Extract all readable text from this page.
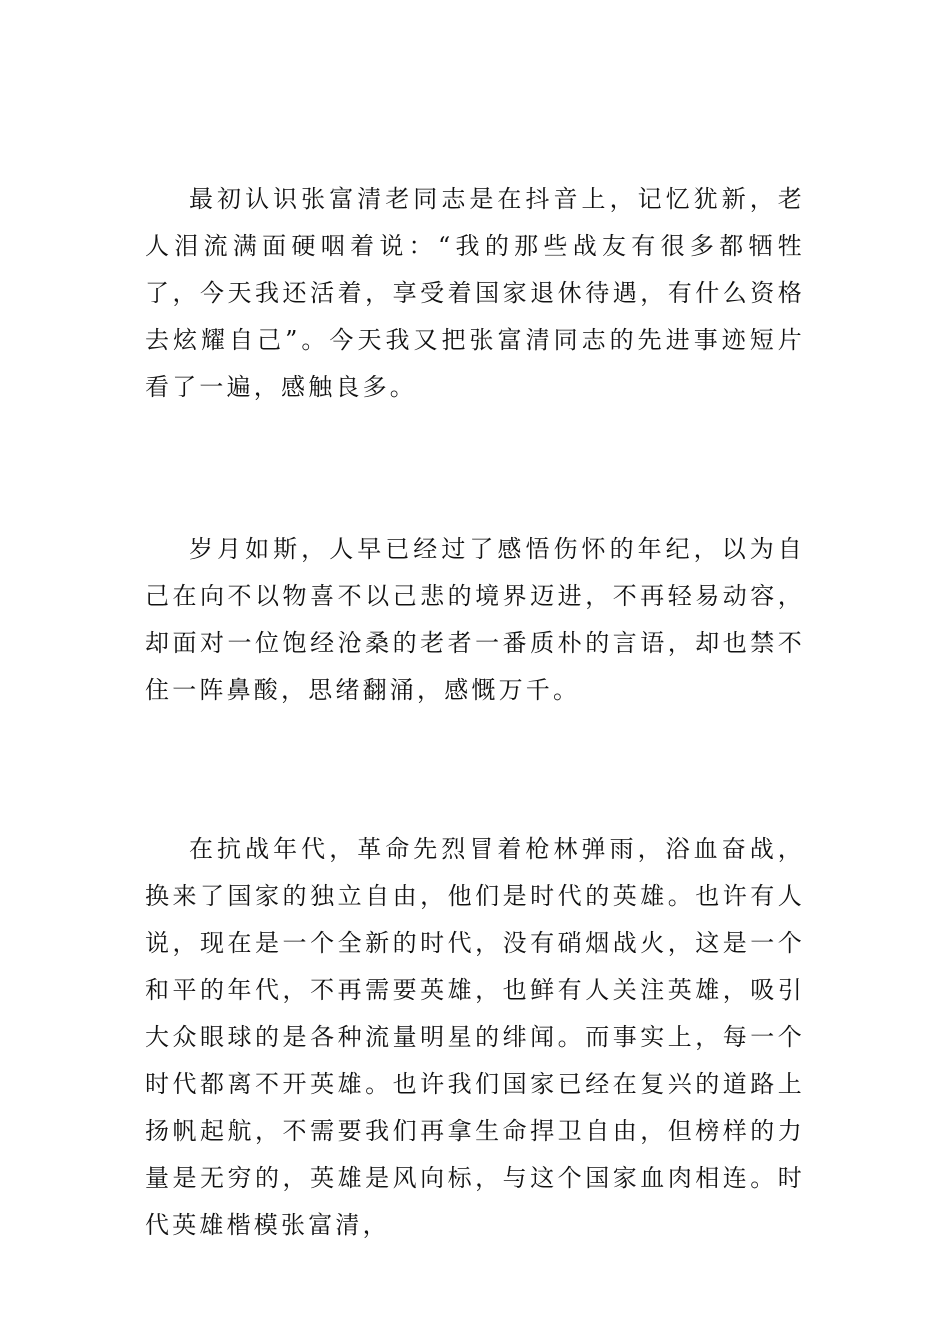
最初认识张富清老同志是在抖音上，记忆犹新，老人泪流满面硬咽着说：“我的那些战友有很多都牺牲了，今天我还活着，享受着国家退休待遇，有什么资格去炫耀自己”。今天我又把张富清同志的先进事迹短片看了一遍，感触良多。

岁月如斯，人早已经过了感悟伤怀的年纪，以为自己在向不以物喜不以己悲的境界迈进，不再轻易动容，却面对一位饱经沧桑的老者一番质朴的言语，却也禁不住一阵鼻酸，思绪翻涌，感慨万千。

在抗战年代，革命先烈冒着枪林弹雨，浴血奋战，换来了国家的独立自由，他们是时代的英雄。也许有人说，现在是一个全新的时代，没有硝烟战火，这是一个和平的年代，不再需要英雄，也鲜有人关注英雄，吸引大众眼球的是各种流量明星的绯闻。而事实上，每一个时代都离不开英雄。也许我们国家已经在复兴的道路上扬帆起航，不需要我们再拿生命捍卫自由，但榜样的力量是无穷的，英雄是风向标，与这个国家血肉相连。时代英雄楷模张富清，
